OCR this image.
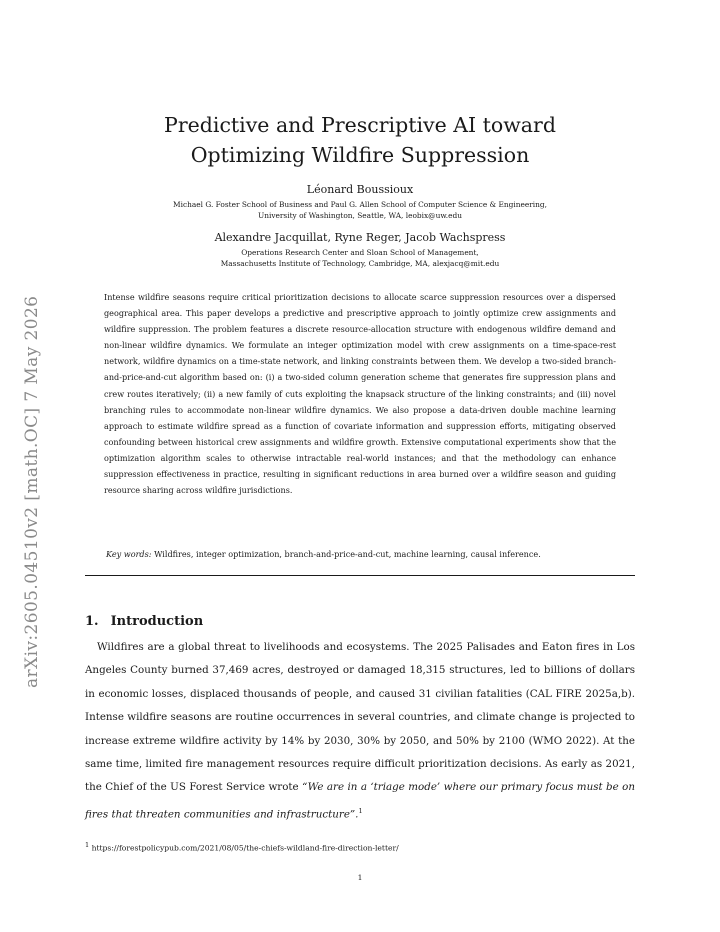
arXiv:2605.04510v2 [math.OC] 7 May 2026
Predictive and Prescriptive AI toward
Optimizing Wildfire Suppression
Léonard Boussioux
Michael G. Foster School of Business and Paul G. Allen School of Computer Science & Engineering,
University of Washington, Seattle, WA, leobix@uw.edu
Alexandre Jacquillat, Ryne Reger, Jacob Wachspress
Operations Research Center and Sloan School of Management,
Massachusetts Institute of Technology, Cambridge, MA, alexjacq@mit.edu
Intense wildfire seasons require critical prioritization decisions to allocate scarce suppression resources over a dispersed geographical area. This paper develops a predictive and prescriptive approach to jointly optimize crew assignments and wildfire suppression. The problem features a discrete resource-allocation structure with endogenous wildfire demand and non-linear wildfire dynamics. We formulate an integer optimization model with crew assignments on a time-space-rest network, wildfire dynamics on a time-state network, and linking constraints between them. We develop a two-sided branch-and-price-and-cut algorithm based on: (i) a two-sided column generation scheme that generates fire suppression plans and crew routes iteratively; (ii) a new family of cuts exploiting the knapsack structure of the linking constraints; and (iii) novel branching rules to accommodate non-linear wildfire dynamics. We also propose a data-driven double machine learning approach to estimate wildfire spread as a function of covariate information and suppression efforts, mitigating observed confounding between historical crew assignments and wildfire growth. Extensive computational experiments show that the optimization algorithm scales to otherwise intractable real-world instances; and that the methodology can enhance suppression effectiveness in practice, resulting in significant reductions in area burned over a wildfire season and guiding resource sharing across wildfire jurisdictions.
Key words: Wildfires, integer optimization, branch-and-price-and-cut, machine learning, causal inference.
1. Introduction
Wildfires are a global threat to livelihoods and ecosystems. The 2025 Palisades and Eaton fires in Los Angeles County burned 37,469 acres, destroyed or damaged 18,315 structures, led to billions of dollars in economic losses, displaced thousands of people, and caused 31 civilian fatalities (CAL FIRE 2025a,b). Intense wildfire seasons are routine occurrences in several countries, and climate change is projected to increase extreme wildfire activity by 14% by 2030, 30% by 2050, and 50% by 2100 (WMO 2022). At the same time, limited fire management resources require difficult prioritization decisions. As early as 2021, the Chief of the US Forest Service wrote “We are in a ‘triage mode’ where our primary focus must be on fires that threaten communities and infrastructure”.$^1$
$^1$ https://forestpolicypub.com/2021/08/05/the-chiefs-wildland-fire-direction-letter/
1
